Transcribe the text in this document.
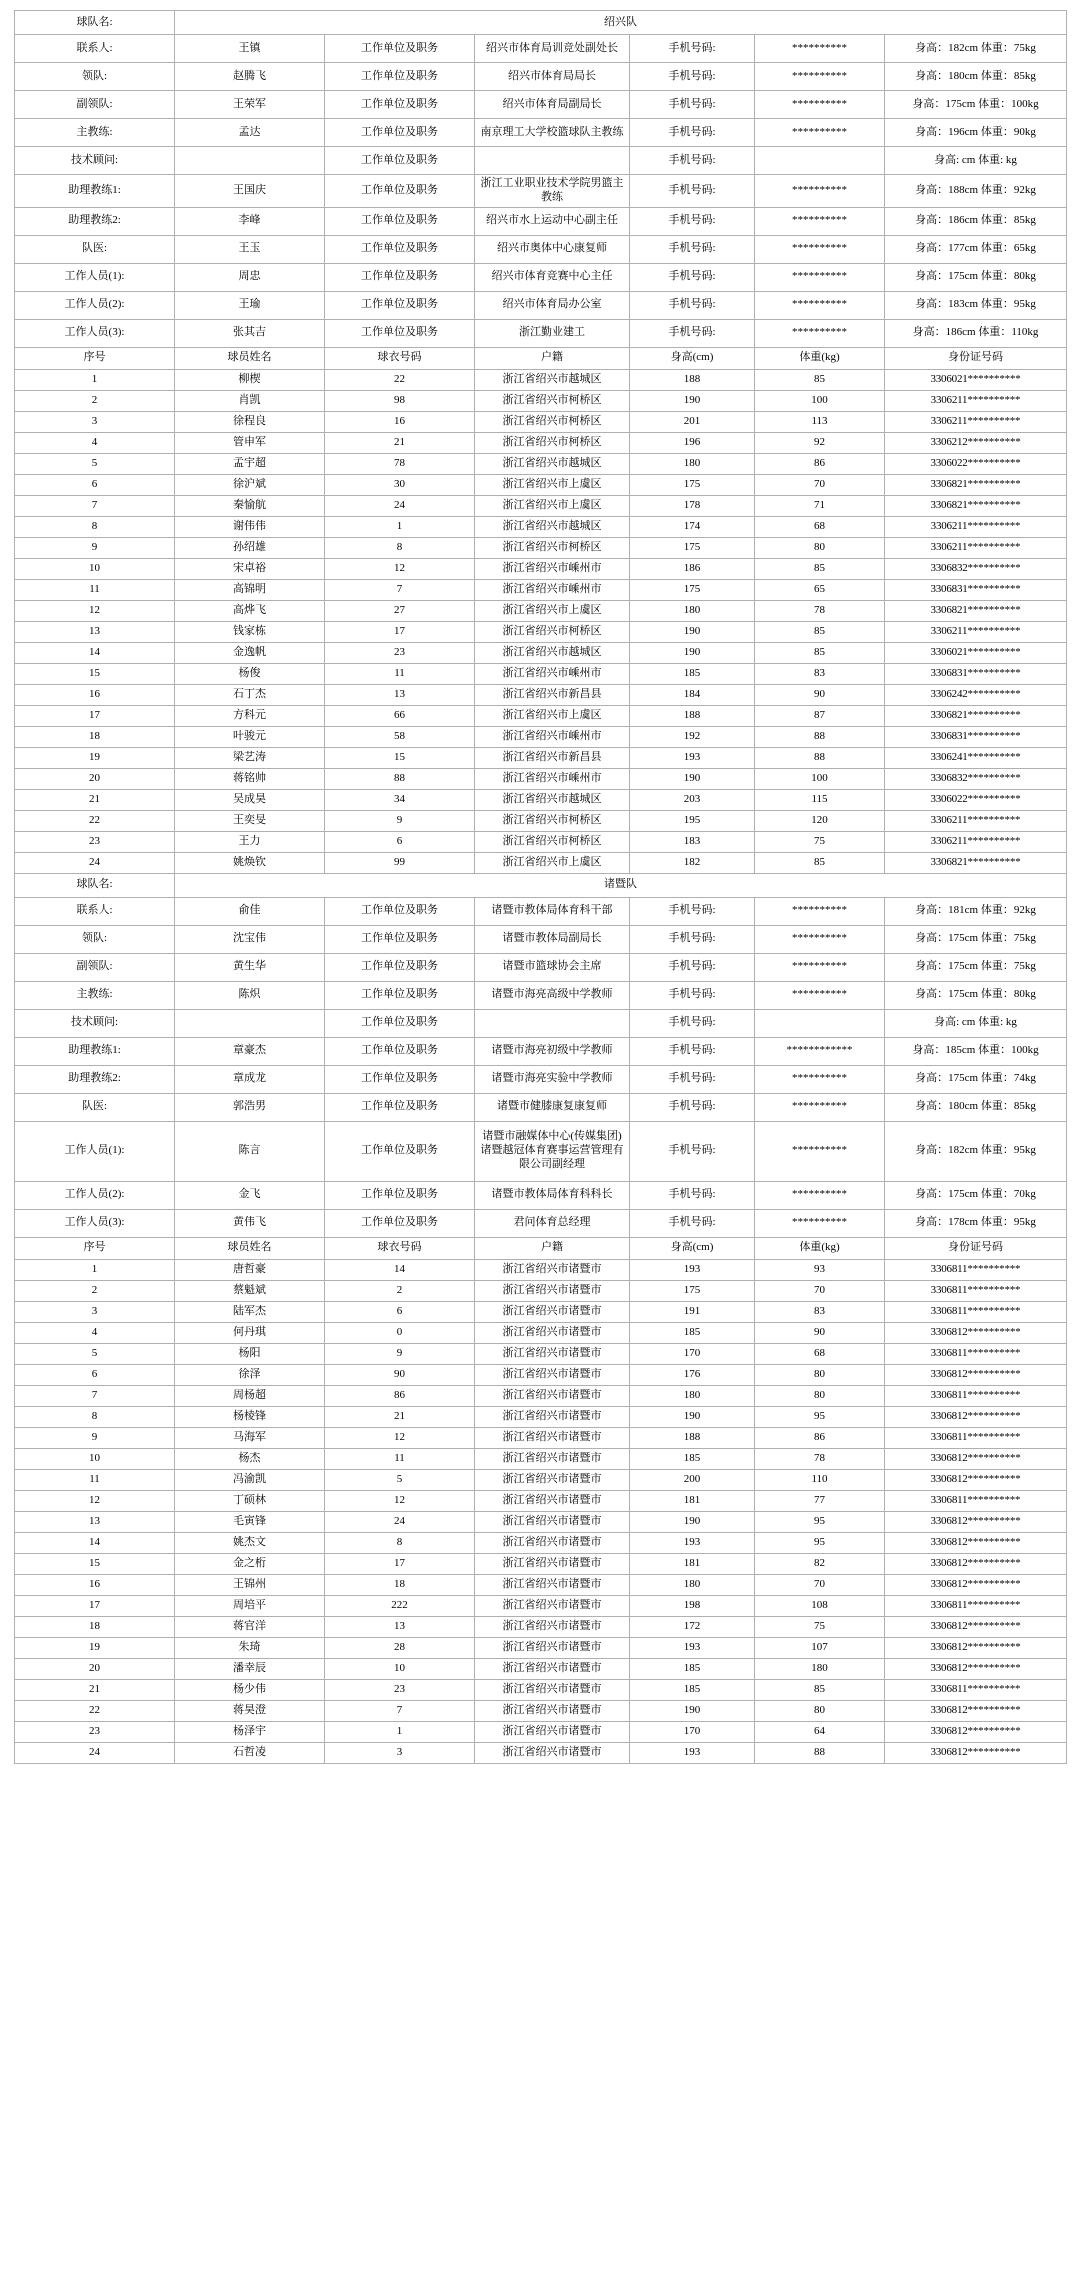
球队名:	绍兴队					
联系人:	王镇	工作单位及职务	绍兴市体育局训竞处副处长	手机号码:	**********	身高：182cm 体重：75kg
领队:	赵腾飞	工作单位及职务	绍兴市体育局局长	手机号码:	**********	身高：180cm 体重：85kg
副领队:	王荣军	工作单位及职务	绍兴市体育局副局长	手机号码:	**********	身高：175cm 体重：100kg
主教练:	孟达	工作单位及职务	南京理工大学校篮球队主教练	手机号码:	**********	身高：196cm 体重：90kg
技术顾问:		工作单位及职务		手机号码:		身高: cm 体重: kg
助理教练1:	王国庆	工作单位及职务	浙江工业职业技术学院男篮主教练	手机号码:	**********	身高：188cm 体重：92kg
助理教练2:	李峰	工作单位及职务	绍兴市水上运动中心副主任	手机号码:	**********	身高：186cm 体重：85kg
队医:	王玉	工作单位及职务	绍兴市奥体中心康复师	手机号码:	**********	身高：177cm 体重：65kg
工作人员(1):	周忠	工作单位及职务	绍兴市体育竞赛中心主任	手机号码:	**********	身高：175cm 体重：80kg
工作人员(2):	王瑜	工作单位及职务	绍兴市体育局办公室	手机号码:	**********	身高：183cm 体重：95kg
工作人员(3):	张其吉	工作单位及职务	浙江勤业建工	手机号码:	**********	身高：186cm 体重：110kg
序号	球员姓名	球衣号码	户籍	身高(cm)	体重(kg)	身份证号码
1	柳楔	22	浙江省绍兴市越城区	188	85	3306021**********
2	肖凯	98	浙江省绍兴市柯桥区	190	100	3306211**********
3	徐程良	16	浙江省绍兴市柯桥区	201	113	3306211**********
4	管申军	21	浙江省绍兴市柯桥区	196	92	3306212**********
5	孟宇超	78	浙江省绍兴市越城区	180	86	3306022**********
6	徐沪斌	30	浙江省绍兴市上虞区	175	70	3306821**********
7	秦愉航	24	浙江省绍兴市上虞区	178	71	3306821**********
8	谢伟伟	1	浙江省绍兴市越城区	174	68	3306211**********
9	孙绍雄	8	浙江省绍兴市柯桥区	175	80	3306211**********
10	宋卓裕	12	浙江省绍兴市嵊州市	186	85	3306832**********
11	高锦明	7	浙江省绍兴市嵊州市	175	65	3306831**********
12	高烨飞	27	浙江省绍兴市上虞区	180	78	3306821**********
13	钱家栋	17	浙江省绍兴市柯桥区	190	85	3306211**********
14	金逸帆	23	浙江省绍兴市越城区	190	85	3306021**********
15	杨俊	11	浙江省绍兴市嵊州市	185	83	3306831**********
16	石丁杰	13	浙江省绍兴市新昌县	184	90	3306242**********
17	方科元	66	浙江省绍兴市上虞区	188	87	3306821**********
18	叶骏元	58	浙江省绍兴市嵊州市	192	88	3306831**********
19	梁艺涛	15	浙江省绍兴市新昌县	193	88	3306241**********
20	蒋铭帅	88	浙江省绍兴市嵊州市	190	100	3306832**********
21	吴成昊	34	浙江省绍兴市越城区	203	115	3306022**********
22	王奕旻	9	浙江省绍兴市柯桥区	195	120	3306211**********
23	王力	6	浙江省绍兴市柯桥区	183	75	3306211**********
24	姚焕钦	99	浙江省绍兴市上虞区	182	85	3306821**********
球队名:	诸暨队					
联系人:	俞佳	工作单位及职务	诸暨市教体局体育科干部	手机号码:	**********	身高：181cm 体重：92kg
领队:	沈宝伟	工作单位及职务	诸暨市教体局副局长	手机号码:	**********	身高：175cm 体重：75kg
副领队:	黄生华	工作单位及职务	诸暨市篮球协会主席	手机号码:	**********	身高：175cm 体重：75kg
主教练:	陈炽	工作单位及职务	诸暨市海亮高级中学教师	手机号码:	**********	身高：175cm 体重：80kg
技术顾问:		工作单位及职务		手机号码:		身高: cm 体重: kg
助理教练1:	章豪杰	工作单位及职务	诸暨市海亮初级中学教师	手机号码:	************	身高：185cm 体重：100kg
助理教练2:	章成龙	工作单位及职务	诸暨市海亮实验中学教师	手机号码:	**********	身高：175cm 体重：74kg
队医:	郭浩男	工作单位及职务	诸暨市健膝康复康复师	手机号码:	**********	身高：180cm 体重：85kg
工作人员(1):	陈言	工作单位及职务	诸暨市融媒体中心(传媒集团)诸暨越冠体育赛事运营管理有限公司副经理	手机号码:	**********	身高：182cm 体重：95kg
工作人员(2):	金飞	工作单位及职务	诸暨市教体局体育科科长	手机号码:	**********	身高：175cm 体重：70kg
工作人员(3):	黄伟飞	工作单位及职务	君问体育总经理	手机号码:	**********	身高：178cm 体重：95kg
序号	球员姓名	球衣号码	户籍	身高(cm)	体重(kg)	身份证号码
1	唐哲豪	14	浙江省绍兴市诸暨市	193	93	3306811**********
2	蔡魁斌	2	浙江省绍兴市诸暨市	175	70	3306811**********
3	陆军杰	6	浙江省绍兴市诸暨市	191	83	3306811**********
4	何丹琪	0	浙江省绍兴市诸暨市	185	90	3306812**********
5	杨阳	9	浙江省绍兴市诸暨市	170	68	3306811**********
6	徐泽	90	浙江省绍兴市诸暨市	176	80	3306812**********
7	周杨超	86	浙江省绍兴市诸暨市	180	80	3306811**********
8	杨棱锋	21	浙江省绍兴市诸暨市	190	95	3306812**********
9	马海军	12	浙江省绍兴市诸暨市	188	86	3306811**********
10	杨杰	11	浙江省绍兴市诸暨市	185	78	3306812**********
11	冯渝凯	5	浙江省绍兴市诸暨市	200	110	3306812**********
12	丁硕林	12	浙江省绍兴市诸暨市	181	77	3306811**********
13	毛寅锋	24	浙江省绍兴市诸暨市	190	95	3306812**********
14	姚杰文	8	浙江省绍兴市诸暨市	193	95	3306812**********
15	金之桁	17	浙江省绍兴市诸暨市	181	82	3306812**********
16	王锦州	18	浙江省绍兴市诸暨市	180	70	3306812**********
17	周培平	222	浙江省绍兴市诸暨市	198	108	3306811**********
18	蒋官洋	13	浙江省绍兴市诸暨市	172	75	3306812**********
19	朱琦	28	浙江省绍兴市诸暨市	193	107	3306812**********
20	潘幸辰	10	浙江省绍兴市诸暨市	185	180	3306812**********
21	杨少伟	23	浙江省绍兴市诸暨市	185	85	3306811**********
22	蒋昊澄	7	浙江省绍兴市诸暨市	190	80	3306812**********
23	杨泽宇	1	浙江省绍兴市诸暨市	170	64	3306812**********
24	石哲凌	3	浙江省绍兴市诸暨市	193	88	3306812**********
